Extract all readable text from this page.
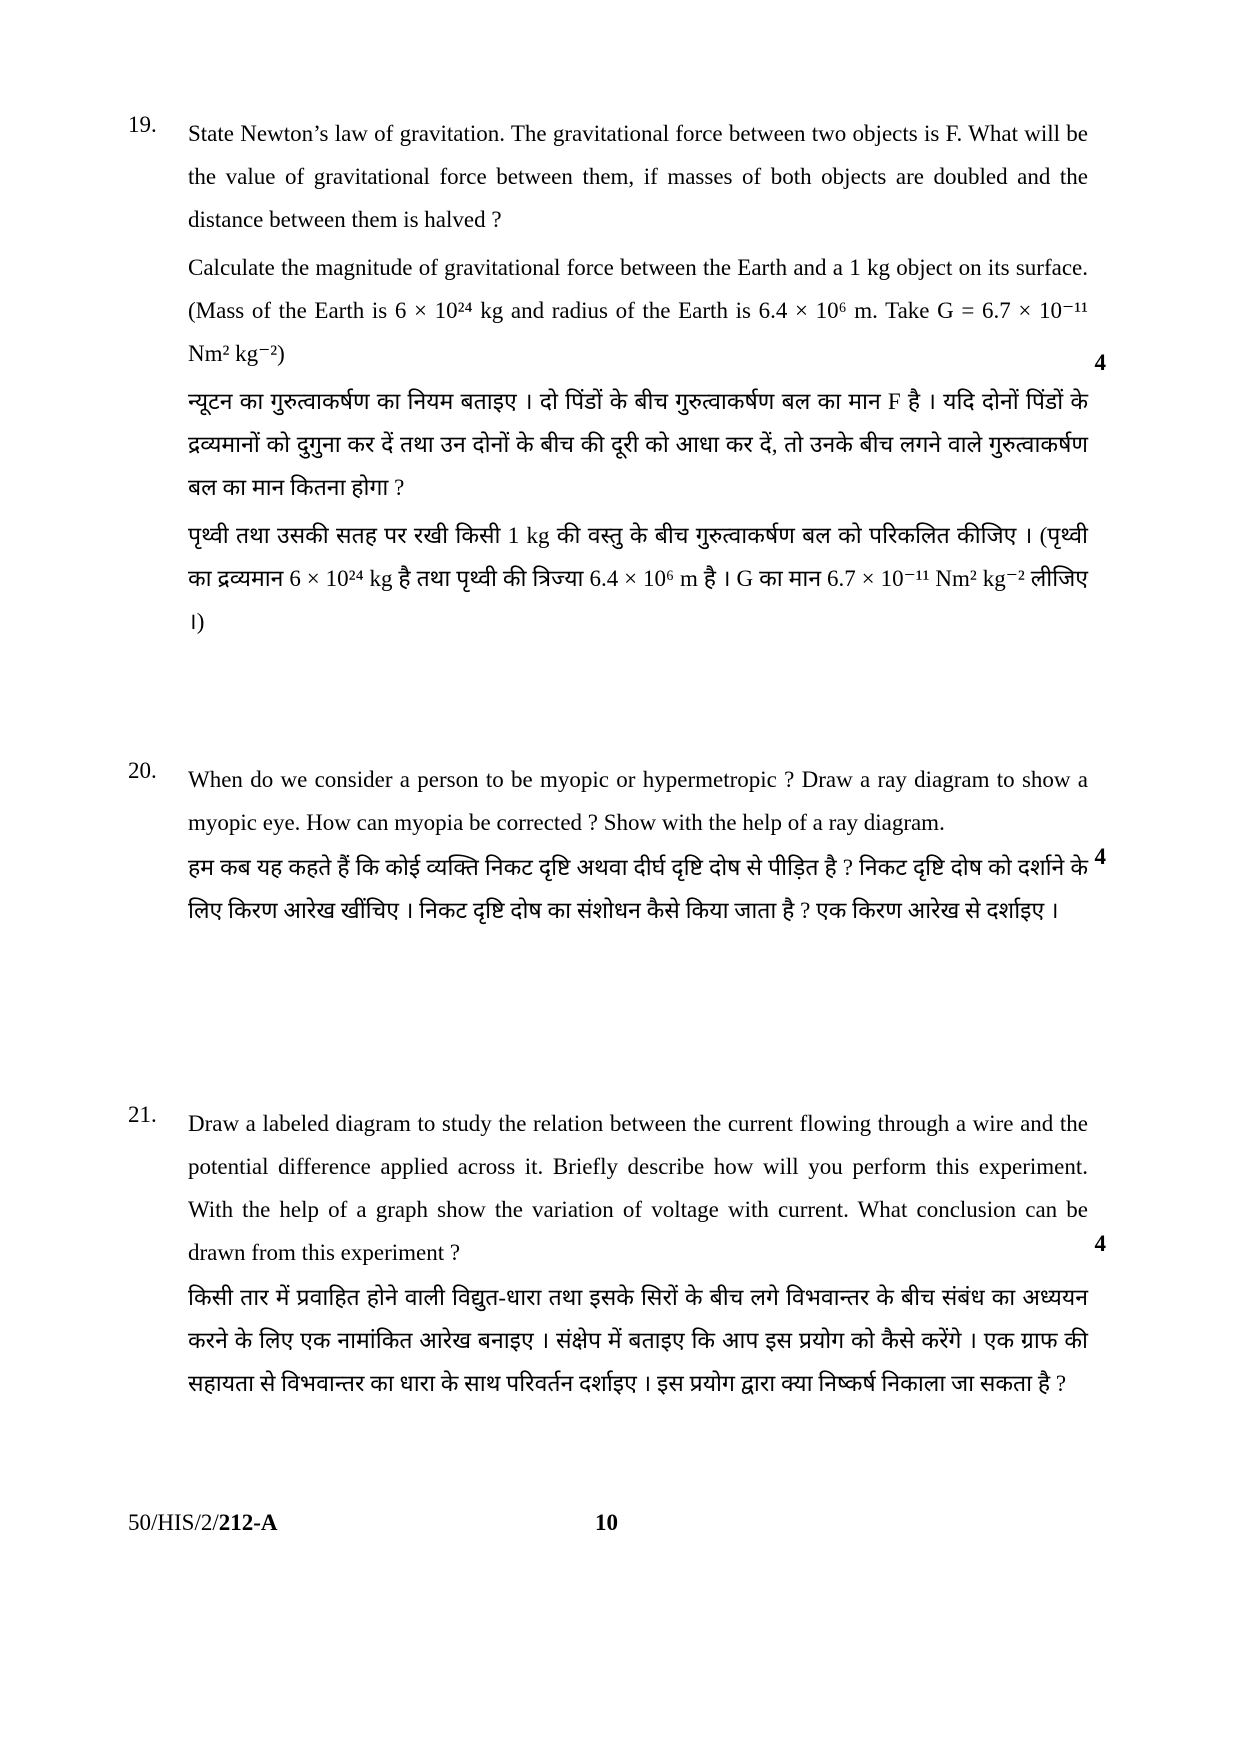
19.	State Newton’s law of gravitation. The gravitational force between two objects is F. What will be the value of gravitational force between them, if masses of both objects are doubled and the distance between them is halved ?

Calculate the magnitude of gravitational force between the Earth and a 1 kg object on its surface. (Mass of the Earth is 6 × 10²⁴ kg and radius of the Earth is 6.4 × 10⁶ m. Take G = 6.7 × 10⁻¹¹ Nm² kg⁻²)

न्यूटन का गुरुत्वाकर्षण का नियम बताइए । दो पिंडों के बीच गुरुत्वाकर्षण बल का मान F है । यदि दोनों पिंडों के द्रव्यमानों को दुगुना कर दें तथा उन दोनों के बीच की दूरी को आधा कर दें, तो उनके बीच लगने वाले गुरुत्वाकर्षण बल का मान कितना होगा ?

पृथ्वी तथा उसकी सतह पर रखी किसी 1 kg की वस्तु के बीच गुरुत्वाकर्षण बल को परिकलित कीजिए । (पृथ्वी का द्रव्यमान 6 × 10²⁴ kg है तथा पृथ्वी की त्रिज्या 6.4 × 10⁶ m है । G का मान 6.7 × 10⁻¹¹ Nm² kg⁻² लीजिए ।)

4
20.	When do we consider a person to be myopic or hypermetropic ? Draw a ray diagram to show a myopic eye. How can myopia be corrected ? Show with the help of a ray diagram.

हम कब यह कहते हैं कि कोई व्यक्ति निकट दृष्टि अथवा दीर्घ दृष्टि दोष से पीड़ित है ? निकट दृष्टि दोष को दर्शाने के लिए किरण आरेख खींचिए । निकट दृष्टि दोष का संशोधन कैसे किया जाता है ? एक किरण आरेख से दर्शाइए ।

4
21.	Draw a labeled diagram to study the relation between the current flowing through a wire and the potential difference applied across it. Briefly describe how will you perform this experiment. With the help of a graph show the variation of voltage with current. What conclusion can be drawn from this experiment ?

किसी तार में प्रवाहित होने वाली विद्युत-धारा तथा इसके सिरों के बीच लगे विभवान्तर के बीच संबंध का अध्ययन करने के लिए एक नामांकित आरेख बनाइए । संक्षेप में बताइए कि आप इस प्रयोग को कैसे करेंगे । एक ग्राफ की सहायता से विभवान्तर का धारा के साथ परिवर्तन दर्शाइए । इस प्रयोग द्वारा क्या निष्कर्ष निकाला जा सकता है ?

4
50/HIS/2/212-A	10
